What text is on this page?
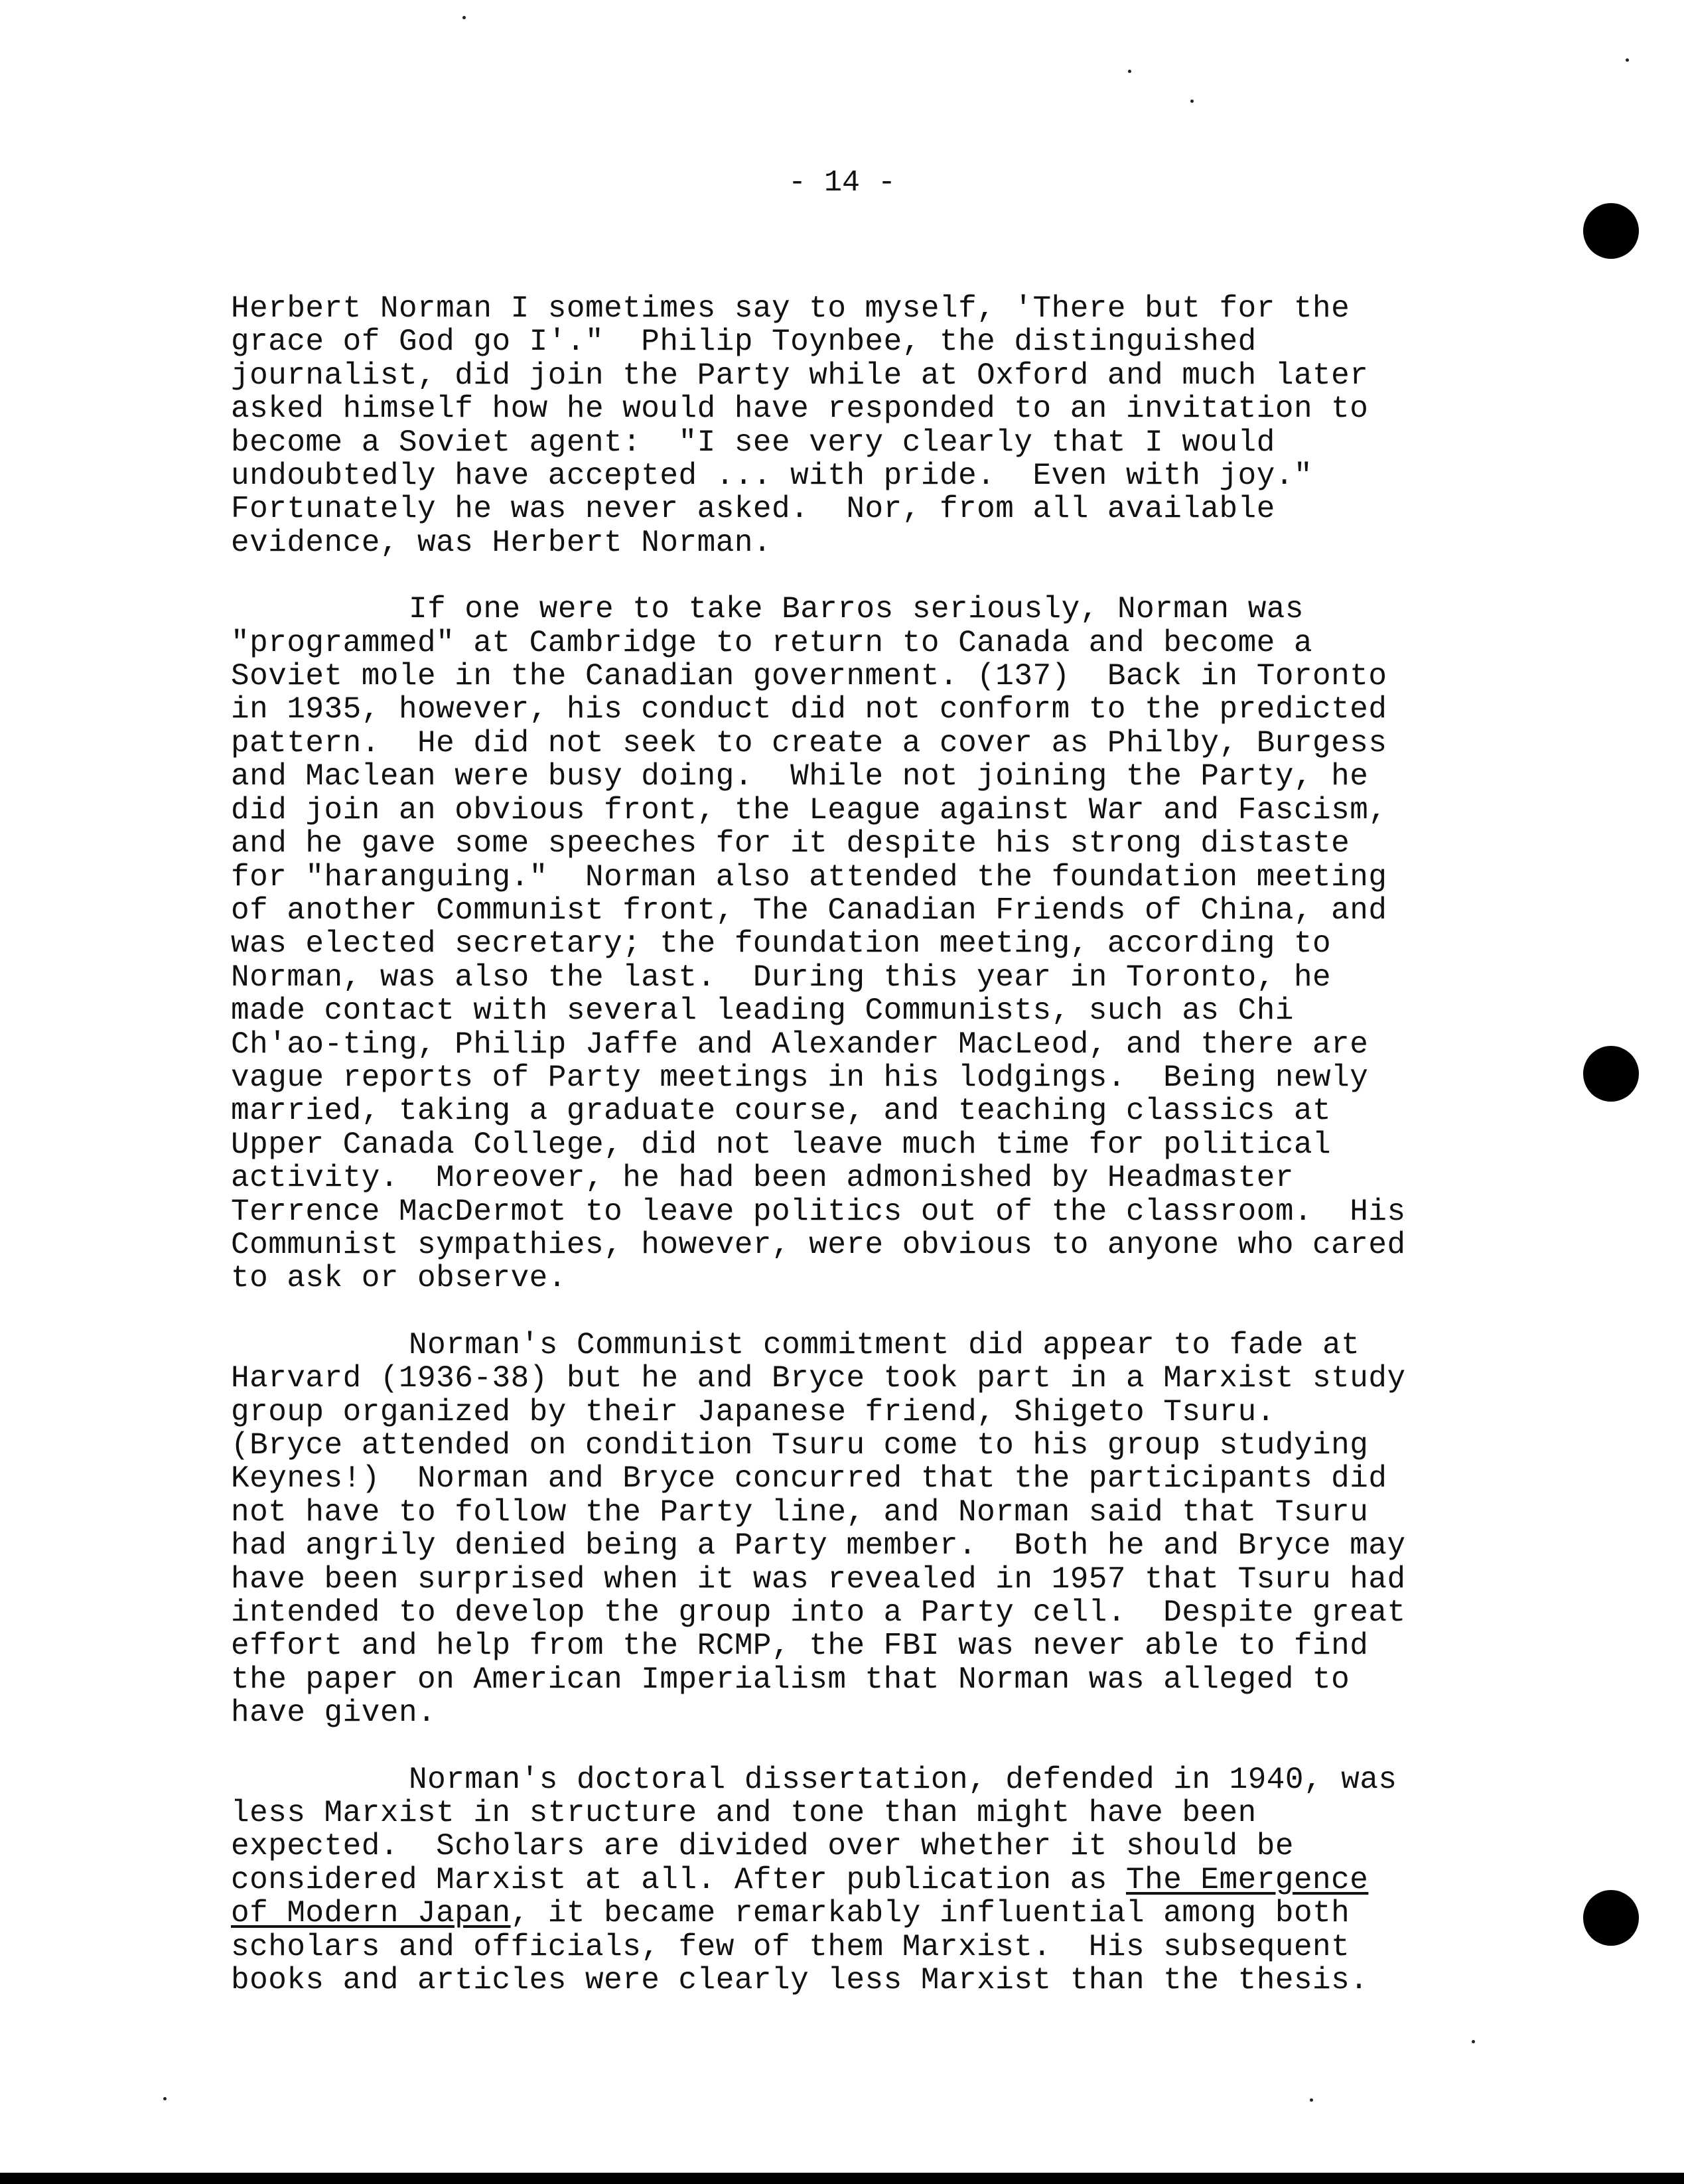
- 14 -
Herbert Norman I sometimes say to myself, 'There but for the
grace of God go I'."  Philip Toynbee, the distinguished
journalist, did join the Party while at Oxford and much later
asked himself how he would have responded to an invitation to
become a Soviet agent:  "I see very clearly that I would
undoubtedly have accepted ... with pride.  Even with joy."
Fortunately he was never asked.  Nor, from all available
evidence, was Herbert Norman.
If one were to take Barros seriously, Norman was
"programmed" at Cambridge to return to Canada and become a
Soviet mole in the Canadian government. (137)  Back in Toronto
in 1935, however, his conduct did not conform to the predicted
pattern.  He did not seek to create a cover as Philby, Burgess
and Maclean were busy doing.  While not joining the Party, he
did join an obvious front, the League against War and Fascism,
and he gave some speeches for it despite his strong distaste
for "haranguing."  Norman also attended the foundation meeting
of another Communist front, The Canadian Friends of China, and
was elected secretary; the foundation meeting, according to
Norman, was also the last.  During this year in Toronto, he
made contact with several leading Communists, such as Chi
Ch'ao-ting, Philip Jaffe and Alexander MacLeod, and there are
vague reports of Party meetings in his lodgings.  Being newly
married, taking a graduate course, and teaching classics at
Upper Canada College, did not leave much time for political
activity.  Moreover, he had been admonished by Headmaster
Terrence MacDermot to leave politics out of the classroom.  His
Communist sympathies, however, were obvious to anyone who cared
to ask or observe.
Norman's Communist commitment did appear to fade at
Harvard (1936-38) but he and Bryce took part in a Marxist study
group organized by their Japanese friend, Shigeto Tsuru.
(Bryce attended on condition Tsuru come to his group studying
Keynes!)  Norman and Bryce concurred that the participants did
not have to follow the Party line, and Norman said that Tsuru
had angrily denied being a Party member.  Both he and Bryce may
have been surprised when it was revealed in 1957 that Tsuru had
intended to develop the group into a Party cell.  Despite great
effort and help from the RCMP, the FBI was never able to find
the paper on American Imperialism that Norman was alleged to
have given.
Norman's doctoral dissertation, defended in 1940, was
less Marxist in structure and tone than might have been
expected.  Scholars are divided over whether it should be
considered Marxist at all. After publication as The Emergence
of Modern Japan, it became remarkably influential among both
scholars and officials, few of them Marxist.  His subsequent
books and articles were clearly less Marxist than the thesis.
